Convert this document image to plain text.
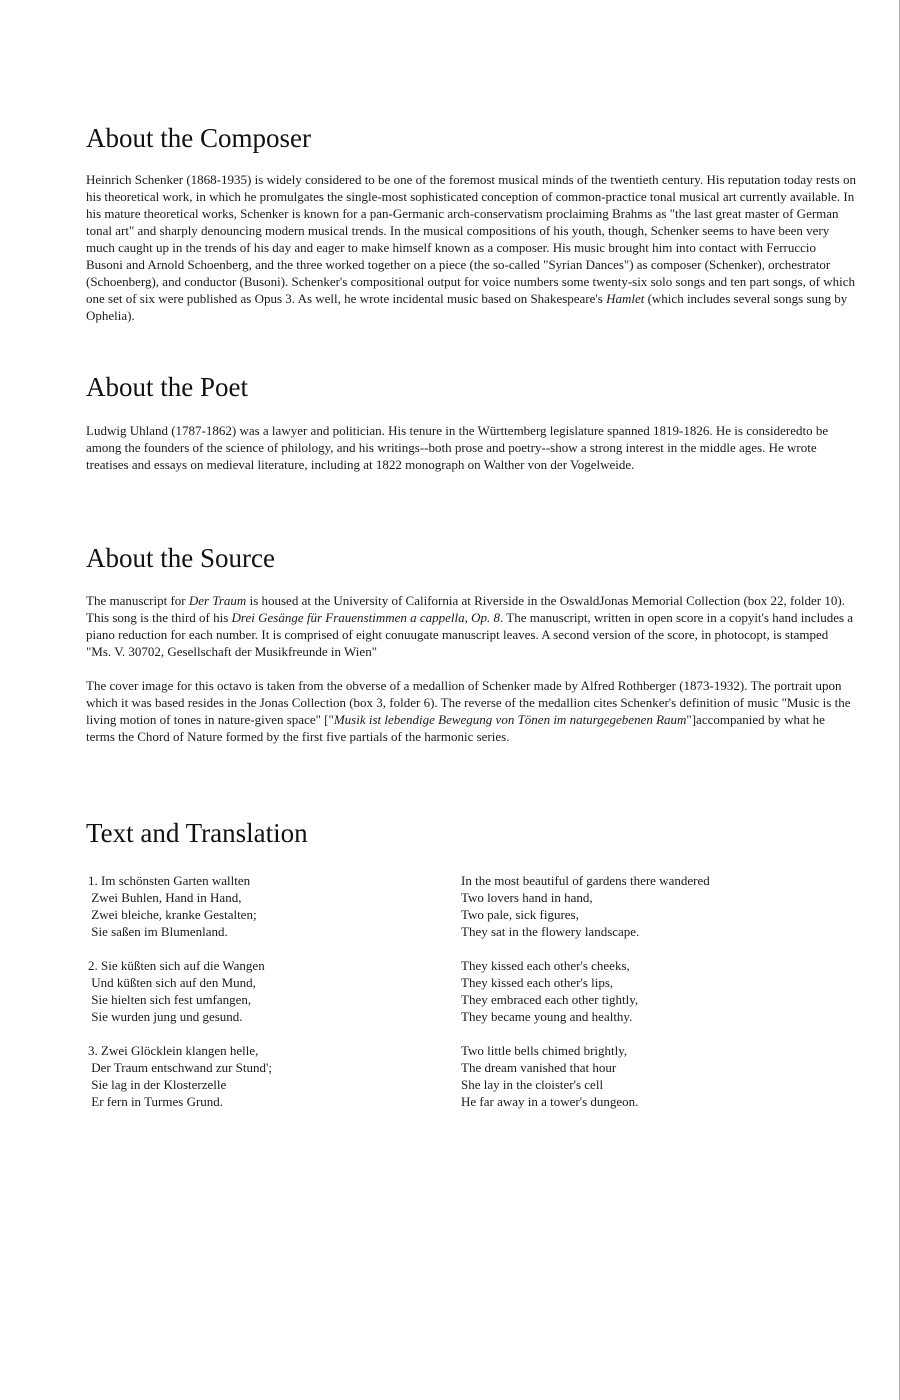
About the Composer

Heinrich Schenker (1868-1935) is widely considered to be one of the foremost musical minds of the twentieth century. His reputation today rests on his theoretical work, in which he promulgates the single-most sophisticated conception of common-practice tonal musical art currently available. In his mature theoretical works, Schenker is known for a pan-Germanic arch-conservatism proclaiming Brahms as "the last great master of German tonal art" and sharply denouncing modern musical trends. In the musical compositions of his youth, though, Schenker seems to have been very much caught up in the trends of his day and eager to make himself known as a composer. His music brought him into contact with Ferruccio Busoni and Arnold Schoenberg, and the three worked together on a piece (the so-called "Syrian Dances") as composer (Schenker), orchestrator (Schoenberg), and conductor (Busoni). Schenker's compositional output for voice numbers some twenty-six solo songs and ten part songs, of which one set of six were published as Opus 3. As well, he wrote incidental music based on Shakespeare's Hamlet (which includes several songs sung by Ophelia).

About the Poet

Ludwig Uhland (1787-1862) was a lawyer and politician. His tenure in the Württemberg legislature spanned 1819-1826. He is consideredto be among the founders of the science of philology, and his writings--both prose and poetry--show a strong interest in the middle ages. He wrote treatises and essays on medieval literature, including at 1822 monograph on Walther von der Vogelweide.

About the Source

The manuscript for Der Traum is housed at the University of California at Riverside in the OswaldJonas Memorial Collection (box 22, folder 10). This song is the third of his Drei Gesänge für Frauenstimmen a cappella, Op. 8. The manuscript, written in open score in a copyit's hand includes a piano reduction for each number. It is comprised of eight conuugate manuscript leaves. A second version of the score, in photocopt, is stamped "Ms. V. 30702, Gesellschaft der Musikfreunde in Wien"

The cover image for this octavo is taken from the obverse of a medallion of Schenker made by Alfred Rothberger (1873-1932). The portrait upon which it was based resides in the Jonas Collection (box 3, folder 6). The reverse of the medallion cites Schenker's definition of music "Music is the living motion of tones in nature-given space" ["Musik ist lebendige Bewegung von Tönen im naturgegebenen Raum"]accompanied by what he terms the Chord of Nature formed by the first five partials of the harmonic series.

Text and Translation
1. Im schönsten Garten wallten
Zwei Buhlen, Hand in Hand,
Zwei bleiche, kranke Gestalten;
Sie saßen im Blumenland.
2. Sie küßten sich auf die Wangen
Und küßten sich auf den Mund,
Sie hielten sich fest umfangen,
Sie wurden jung und gesund.
3. Zwei Glöcklein klangen helle,
Der Traum entschwand zur Stund';
Sie lag in der Klosterzelle
Er fern in Turmes Grund.
In the most beautiful of gardens there wandered
Two lovers hand in hand,
Two pale, sick figures,
They sat in the flowery landscape.
They kissed each other's cheeks,
They kissed each other's lips,
They embraced each other tightly,
They became young and healthy.
Two little bells chimed brightly,
The dream vanished that hour
She lay in the cloister's cell
He far away in a tower's dungeon.
